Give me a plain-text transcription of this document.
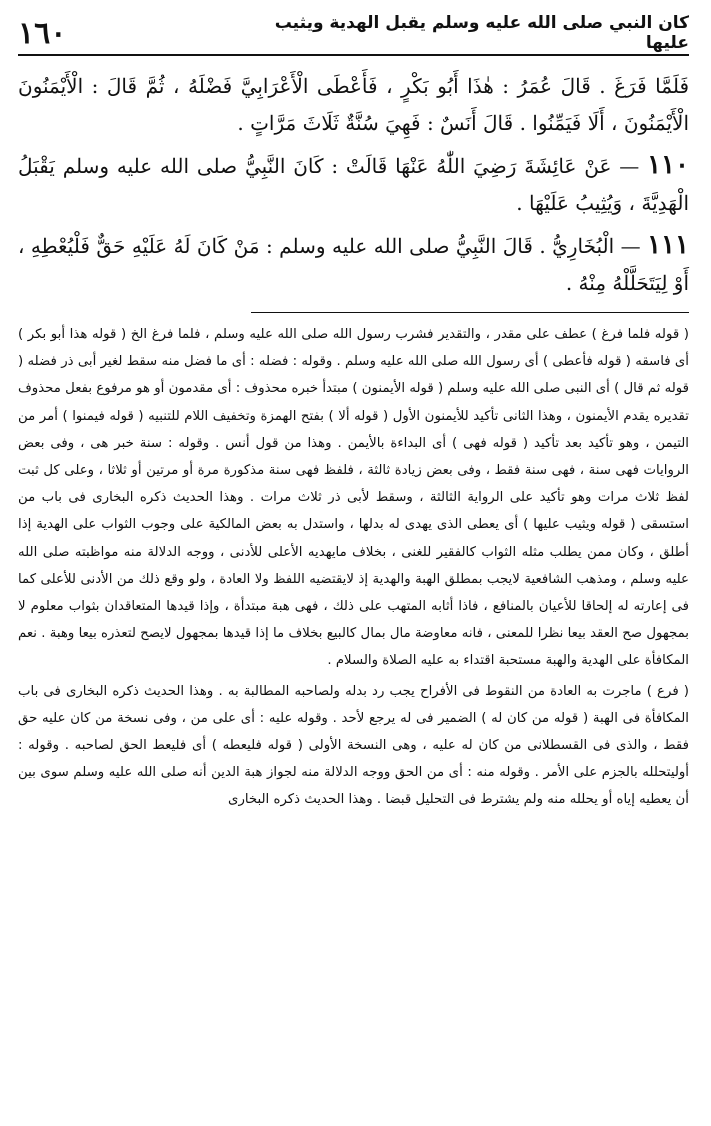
١٦٠	كان النبي صلى الله عليه وسلم يقبل الهدية ويثيب عليها

فَلَمَّا فَرَغَ . قَالَ عُمَرُ : هٰذَا أَبُو بَكْرٍ ، فَأَعْطَى الْأَعْرَابِيَّ فَضْلَهُ ، ثُمَّ قَالَ : الْأَيْمَنُونَ الْأَيْمَنُونَ ، أَلَا فَيَمِّنُوا . قَالَ أَنَسٌ : فَهِيَ سُنَّةٌ ثَلَاثَ مَرَّاتٍ .

١١٠ — عَنْ عَائِشَةَ رَضِيَ اللّٰهُ عَنْهَا قَالَتْ : كَانَ النَّبِيُّ صلى الله عليه وسلم يَقْبَلُ الْهَدِيَّةَ ، وَيُثِيبُ عَلَيْهَا .

١١١ — الْبُخَارِيُّ . قَالَ النَّبِيُّ صلى الله عليه وسلم : مَنْ كَانَ لَهُ عَلَيْهِ حَقٌّ فَلْيُعْطِهِ ، أَوْ لِيَتَحَلَّلْهُ مِنْهُ .

( قوله فلما فرغ ) عطف على مقدر ، والتقدير فشرب رسول الله صلى الله عليه وسلم ، فلما فرغ الخ ( قوله هذا أبو بكر ) أى فاسقه ( قوله فأعطى ) أى رسول الله صلى الله عليه وسلم . وقوله : فضله : أى ما فضل منه سقط لغير أبى ذر فضله ( قوله ثم قال ) أى النبى صلى الله عليه وسلم ( قوله الأيمنون ) مبتدأ خبره محذوف : أى مقدمون أو هو مرفوع بفعل محذوف تقديره يقدم الأيمنون ، وهذا الثانى تأكيد للأيمنون الأول ( قوله ألا ) بفتح الهمزة وتخفيف اللام للتنبيه ( قوله فيمنوا ) أمر من التيمن ، وهو تأكيد بعد تأكيد ( قوله فهى ) أى البداءة بالأيمن . وهذا من قول أنس . وقوله : سنة خبر هى ، وفى بعض الروايات فهى سنة ، فهى سنة فقط ، وفى بعض زيادة ثالثة ، فلفظ فهى سنة مذكورة مرة أو مرتين أو ثلاثا ، وعلى كل ثبت لفظ ثلاث مرات وهو تأكيد على الرواية الثالثة ، وسقط لأبى ذر ثلاث مرات . وهذا الحديث ذكره البخارى فى باب من استسقى ( قوله ويثيب عليها ) أى يعطى الذى يهدى له بدلها ، واستدل به بعض المالكية على وجوب الثواب على الهدية إذا أطلق ، وكان ممن يطلب مثله الثواب كالفقير للغنى ، بخلاف مايهديه الأعلى للأدنى ، ووجه الدلالة منه مواظبته صلى الله عليه وسلم ، ومذهب الشافعية لايجب بمطلق الهبة والهدية إذ لايقتضيه اللفظ ولا العادة ، ولو وقع ذلك من الأدنى للأعلى كما فى إعارته له إلحاقا للأعيان بالمنافع ، فاذا أثابه المتهب على ذلك ، فهى هبة مبتدأة ، وإذا قيدها المتعاقدان بثواب معلوم لا بمجهول صح العقد بيعا نظرا للمعنى ، فانه معاوضة مال بمال كالبيع بخلاف ما إذا قيدها بمجهول لايصح لتعذره بيعا وهبة . نعم المكافأة على الهدية والهبة مستحبة اقتداء به عليه الصلاة والسلام .

( فرع ) ماجرت به العادة من النقوط فى الأفراح يجب رد بدله ولصاحبه المطالبة به . وهذا الحديث ذكره البخارى فى باب المكافأة فى الهبة ( قوله من كان له ) الضمير فى له يرجع لأحد . وقوله عليه : أى على من ، وفى نسخة من كان عليه حق فقط ، والذى فى القسطلانى من كان له عليه ، وهى النسخة الأولى ( قوله فليعطه ) أى فليعط الحق لصاحبه . وقوله : أوليتحلله بالجزم على الأمر . وقوله منه : أى من الحق ووجه الدلالة منه لجواز هبة الدين أنه صلى الله عليه وسلم سوى بين أن يعطيه إياه أو يحلله منه ولم يشترط فى التحليل قبضا . وهذا الحديث ذكره البخارى
